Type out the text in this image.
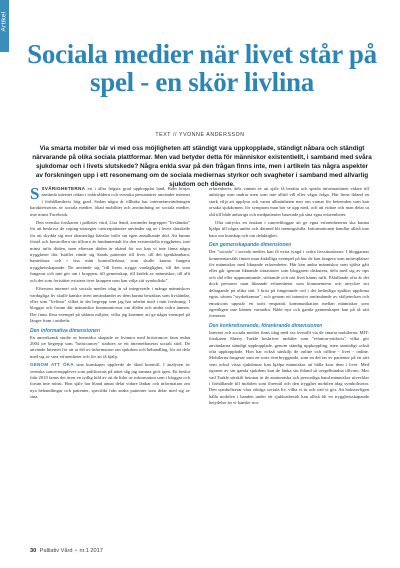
Artikel
Sociala medier när livet står på spel - en skör livlina
TEXT // YVONNE ANDERSSON
Via smarta mobiler bär vi med oss möjligheten att ständigt vara uppkopplade, ständigt nåbara och ständigt närvarande på olika sociala plattformar. Men vad betyder detta för människor existentiellt, i samband med svåra sjukdomar och i livets slutskede? Några enkla svar på den frågan finns inte, men i artikeln tas några aspekter av forskningen upp i ett resonemang om de sociala mediernas styrkor och svagheter i samband med allvarlig sjukdom och döende.

S SVÅRIGHETERNA ett i allra högsta grad uppkopplat land. Barn börjar använda internet redan i tvåårsåldern och svenska pensionärer använder internet i förhållandevis hög grad. Sedan några år tillbaka har internetanvändningen karakteriserats av sociala medier, ökad mobilitet och användning av sociala medier, inte minst Facebook.

Den svenska forskaren i palliativ vård, Lisa Sand, använder begreppet "livsländar" för att beskriva de coping-strategier cancerpatienter använder sig av i livets slutskede för att skydda sig mot ohanterliga känslor inför sin egen annalkande död. Att kunna förstå och kontrollera sin tillvaro är fundamentalt för den existentiella tryggheten, inte minst inför döden, men efterson döden är okänd för oss kan vi inte finna några tryggheter där. Istället vände sig Sands patienter till livet, till det igenkännbara, hanterbara och i viss mån kontrollerbara, som skulle kunna fungera trygghetsskapande. De använde sig "till livets trygga vardaglighet, till det som fungerar och inte gör ont i kroppen, till gemenskap, till kärlek av människor, till allt och det som fortsätter existera över kroppen som kan välja sitt symboliskt".

Eftersom internet och sociala medier idag är så integrerade i många människors vardagliga liv skulle kanske även användandet av dem kunna betraktas som livsländar, eller som "livlinor" vilket är det begrepp som jag har arbetat med i min forskning. I bloggar och forum där människor kommunicerar om döden och andra svåra ämnen. Det finns flera exempel på sådana miljöer, vilka jag kommer att ge några exempel på längre fram i artikeln.

Den informativa dimensionen

En amerikansk studie av hemsidor skapade av kvinnor med bröstcancer fann redan 2004 tre begrepp som "bröstcancer" stärktes av ett internetbaserat socialt stöd. De använde Internet för att ta del av information om sjukdom och behandling, för att dela med sig av sina erfarenheter och för att få hjälp.

GENOM ATT ÖKA sina kunskaper upplevde de ökad kontroll. I analysen av svenska canceroupplever som publicerats på nätet såg jag samma gick igen. Ett beslut från 2010 fanns det även en tydlig bild av att de lider av information som i bloggar och forum inte minst. Hon själv har bland annat delat vidare länkar och information om nya behandlingar och patienter, specifikt från andra patienter som delar med sig av sina

erfarenheter, dels väntan av att själv få berätta och sprida informationen vidare till anhöriga som undrar men som inte alltid vill eller vågar fråga. Här finns ibland en stark vilja att upplysa och varna allmänheten mer om varnar för beteenden som kan orsaka sjukdomen, för symptom man bör se upp med, och att vidare och man delar ut råd till både anhöriga och medpatienter baserade på sina egna erfarenheter.

Ofta uttrycks en önskan i cancerbloggar att ge egna erfarenheterna ska kunna hjälpa till några andra och därmed bli meningsfulla. Informationen handlar alltså inte bara om kunskap och om delaktighet.

Den gemenskapande dimensionen

Det "sociala" i sociala medier kan få extra tyngd i svåra livssituationer. I bloggarnas kommentarsfält finner man åtskilliga exempel på hur de kan fungera som mötesplatser för människor med liknande erfarenheter. Här kan andra människor som själva gått eller går igenom liknande situationer som bloggaren diskutera, dela med sig av tips och råd eller uppmuntrande, stöttande och när livet känns tufft. Påfallande ofta är det dock personer utan liknande erfarenheter som kommenterar och utrycker sitt deltagande på olika sätt. I brist på fungerande ord i det befintliga språket uppfinna egna, såsom "styrkekramar", och genom ett intensivt användande av skiljetecken och emoticons uppstår en sorts empatisk kommunikation mellan människor som egentligen inte känner varandra. Både nya och gamla gemenskaper kan på så sätt formeras.

Den konkretiserande, förankrande dimensionen

Internet och sociala medier finns idag med oss överallt via de smarta mobilerna. MIT-forskaren Sherry Turkle beskriver mobiler som "relation-artifacts" vilka gör användarna ständigt uppkopplade, genom ständig uppkoppling, men samtidigt också ofta uppkopplade. Hon har också särskiljt de online och offline - livet - online. Mobilerna fungerar som en sorts överbryggande, som en del tas av patienter på ett sätt som också vissa sjukdomar kan hjälpa människor att hålla kvar dem i livet. Med ögonen av sin gamla sjukdom kan de länka sin ibland så oregelbundna tillvaro. Mer vad Turkle särskilt betonar är de anatomiska och personliga band människor utvecklar i förhållande till mobilen som föremål och den trygghet mobilen idag symboliserar. Den symboliserar våra viktiga sociala liv, vilka vi är och vad vi gör. Att bokstavligen hålla mobilen i handen under ett sjukhusbesök kan alltså bli en trygghetsskapande betydelse än vi kanske tror.

30 Palliativ Vård • nr.1 2017
